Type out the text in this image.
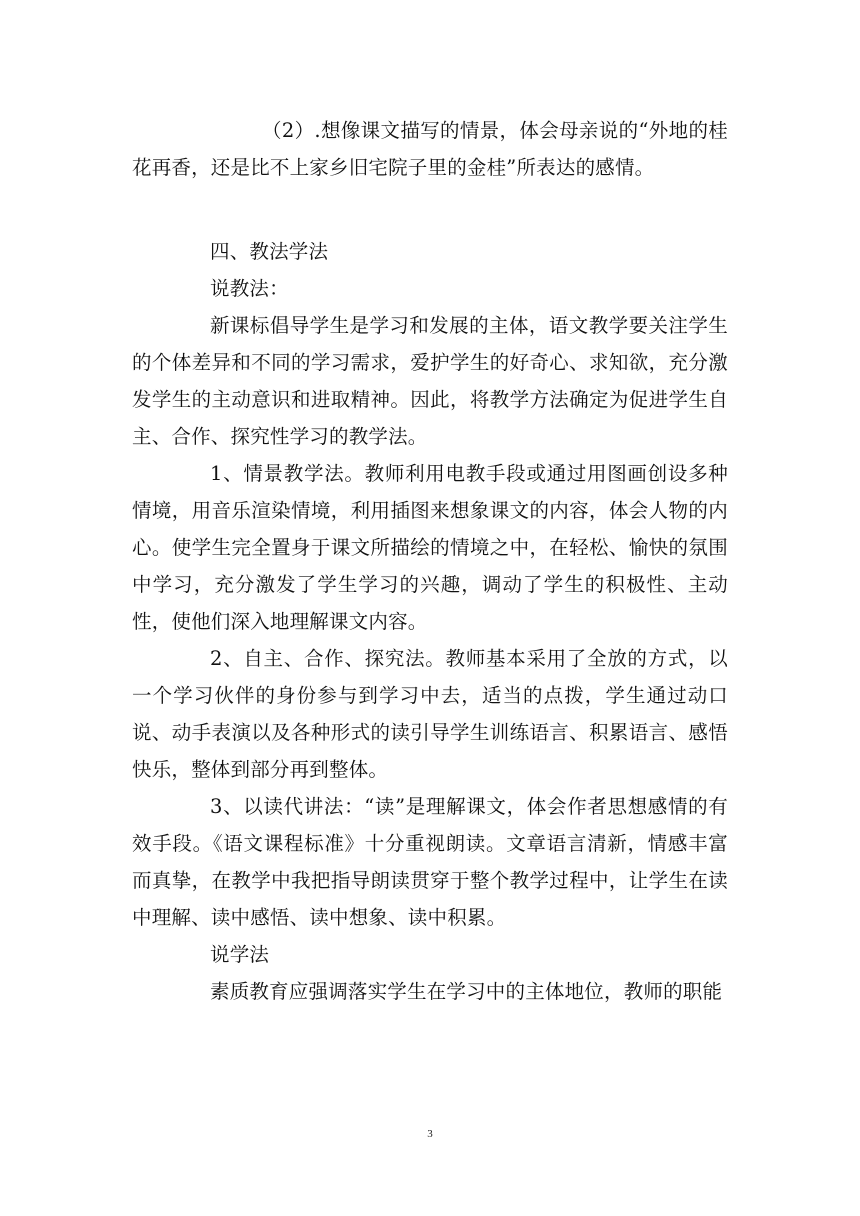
（2）.想像课文描写的情景，体会母亲说的“外地的桂花再香，还是比不上家乡旧宅院子里的金桂”所表达的感情。

四、教法学法

说教法：

新课标倡导学生是学习和发展的主体，语文教学要关注学生的个体差异和不同的学习需求，爱护学生的好奇心、求知欲，充分激发学生的主动意识和进取精神。因此，将教学方法确定为促进学生自主、合作、探究性学习的教学法。

1、情景教学法。教师利用电教手段或通过用图画创设多种情境，用音乐渲染情境，利用插图来想象课文的内容，体会人物的内心。使学生完全置身于课文所描绘的情境之中，在轻松、愉快的氛围中学习，充分激发了学生学习的兴趣，调动了学生的积极性、主动性，使他们深入地理解课文内容。

2、自主、合作、探究法。教师基本采用了全放的方式，以一个学习伙伴的身份参与到学习中去，适当的点拨，学生通过动口说、动手表演以及各种形式的读引导学生训练语言、积累语言、感悟快乐，整体到部分再到整体。

3、以读代讲法：“读”是理解课文，体会作者思想感情的有效手段。《语文课程标准》十分重视朗读。文章语言清新，情感丰富而真挚，在教学中我把指导朗读贯穿于整个教学过程中，让学生在读中理解、读中感悟、读中想象、读中积累。

说学法

素质教育应强调落实学生在学习中的主体地位，教师的职能

3
